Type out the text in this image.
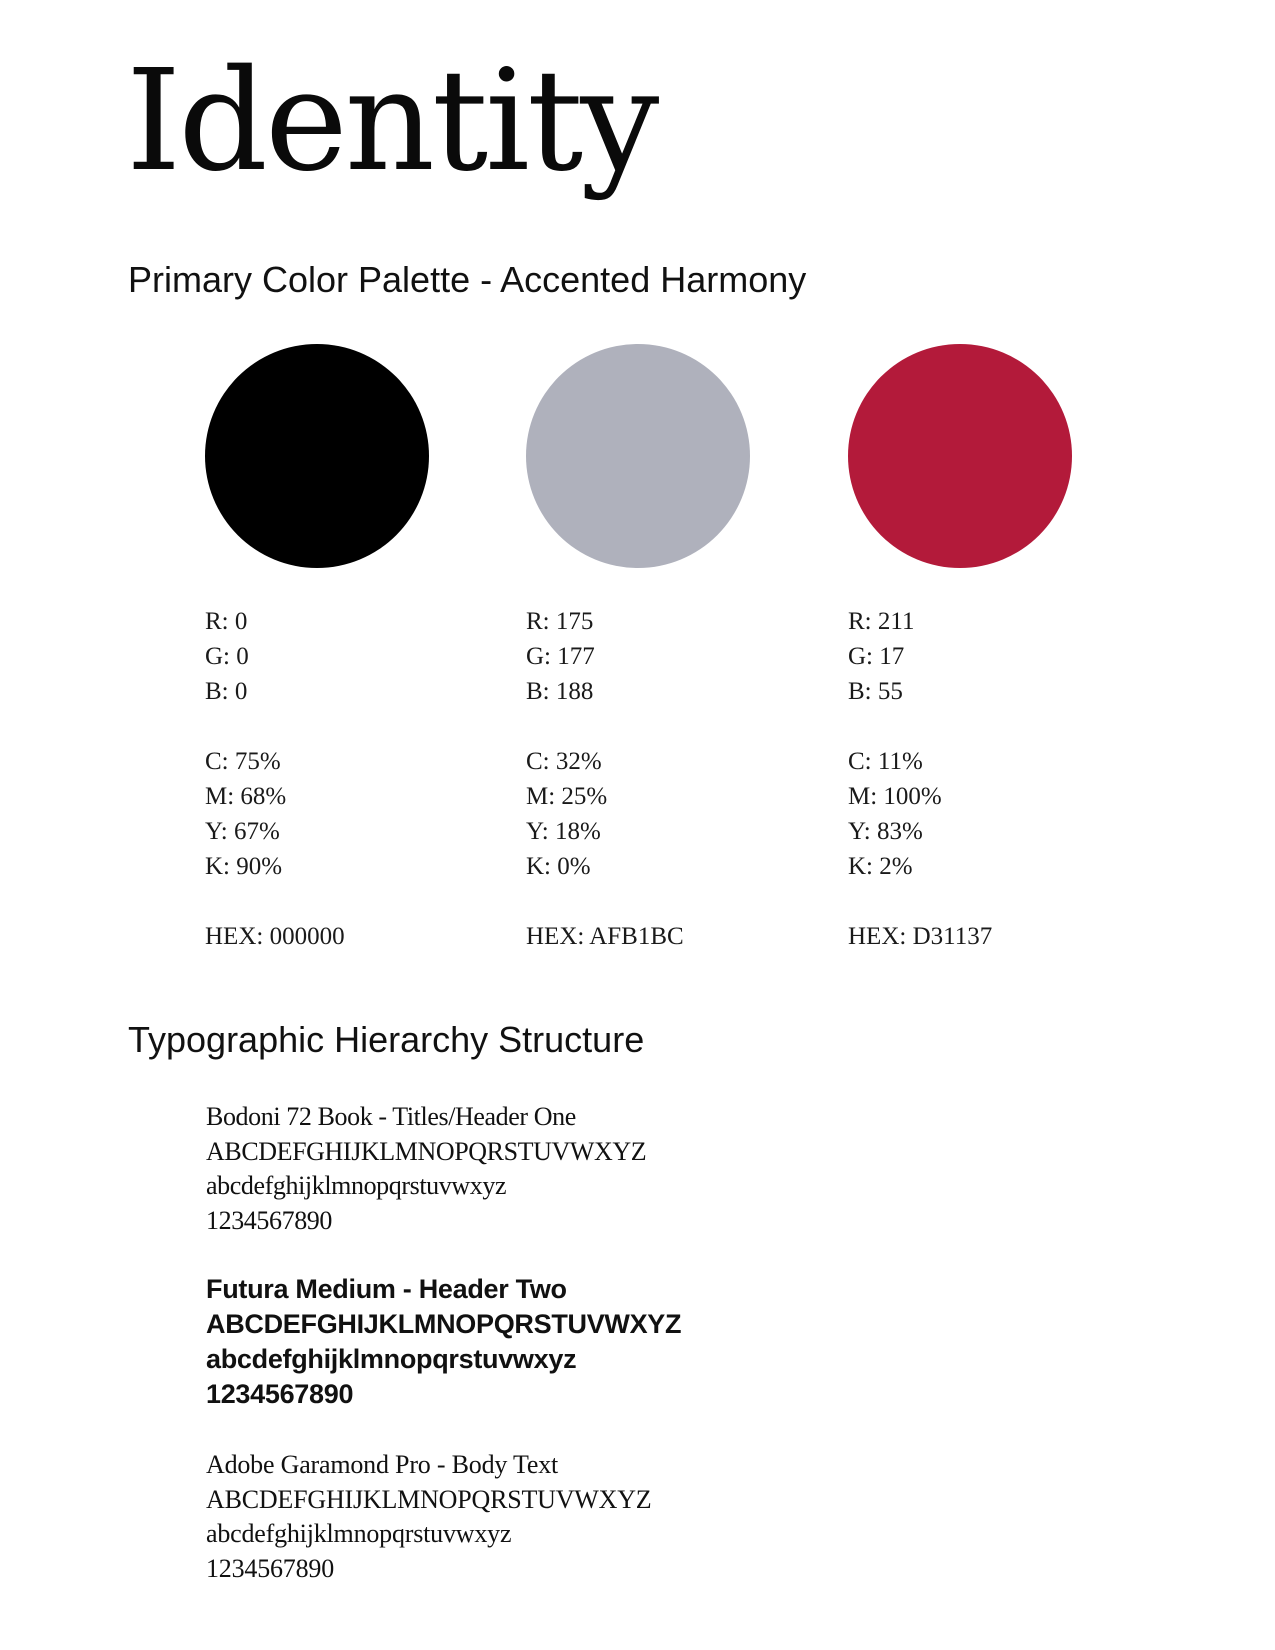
Identity
Primary Color Palette - Accented Harmony
R: 0
G: 0
B: 0
C: 75%
M: 68%
Y: 67%
K: 90%
HEX: 000000
R: 175
G: 177
B: 188
C: 32%
M: 25%
Y: 18%
K: 0%
HEX: AFB1BC
R: 211
G: 17
B: 55
C: 11%
M: 100%
Y: 83%
K: 2%
HEX: D31137
Typographic Hierarchy Structure
Bodoni 72 Book - Titles/Header One
ABCDEFGHIJKLMNOPQRSTUVWXYZ
abcdefghijklmnopqrstuvwxyz
1234567890
Futura Medium - Header Two
ABCDEFGHIJKLMNOPQRSTUVWXYZ
abcdefghijklmnopqrstuvwxyz
1234567890
Adobe Garamond Pro - Body Text
ABCDEFGHIJKLMNOPQRSTUVWXYZ
abcdefghijklmnopqrstuvwxyz
1234567890
